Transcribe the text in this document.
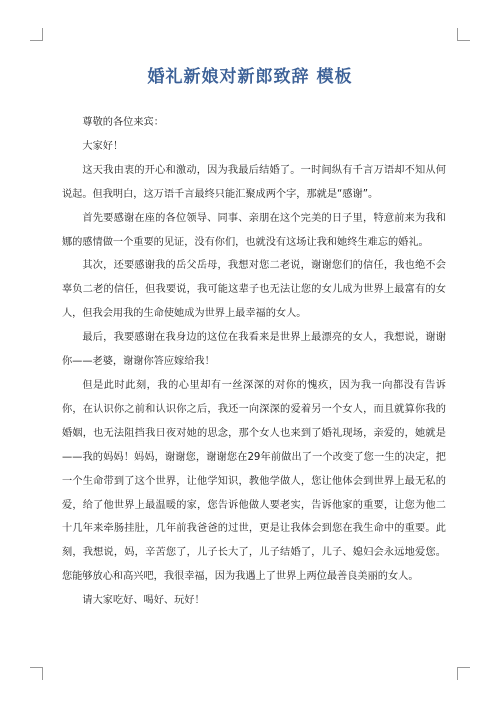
婚礼新娘对新郎致辞 模板

尊敬的各位来宾：

大家好！

这天我由衷的开心和激动，因为我最后结婚了。一时间纵有千言万语却不知从何说起。但我明白，这万语千言最终只能汇聚成两个字，那就是“感谢”。

首先要感谢在座的各位领导、同事、亲朋在这个完美的日子里，特意前来为我和娜的感情做一个重要的见证，没有你们，也就没有这场让我和她终生难忘的婚礼。

其次，还要感谢我的岳父岳母，我想对您二老说，谢谢您们的信任，我也绝不会辜负二老的信任，但我要说，我可能这辈子也无法让您的女儿成为世界上最富有的女人，但我会用我的生命使她成为世界上最幸福的女人。

最后，我要感谢在我身边的这位在我看来是世界上最漂亮的女人，我想说，谢谢你——老婆，谢谢你答应嫁给我！

但是此时此刻，我的心里却有一丝深深的对你的愧疚，因为我一向都没有告诉你，在认识你之前和认识你之后，我还一向深深的爱着另一个女人，而且就算你我的婚姻，也无法阻挡我日夜对她的思念，那个女人也来到了婚礼现场，亲爱的，她就是——我的妈妈！妈妈，谢谢您，谢谢您在29年前做出了一个改变了您一生的决定，把一个生命带到了这个世界，让他学知识，教他学做人，您让他体会到世界上最无私的爱，给了他世界上最温暖的家，您告诉他做人要老实，告诉他家的重要，让您为他二十几年来牵肠挂肚，几年前我爸爸的过世，更是让我体会到您在我生命中的重要。此刻，我想说，妈，辛苦您了，儿子长大了，儿子结婚了，儿子、媳妇会永远地爱您。您能够放心和高兴吧，我很幸福，因为我遇上了世界上两位最善良美丽的女人。

请大家吃好、喝好、玩好！
